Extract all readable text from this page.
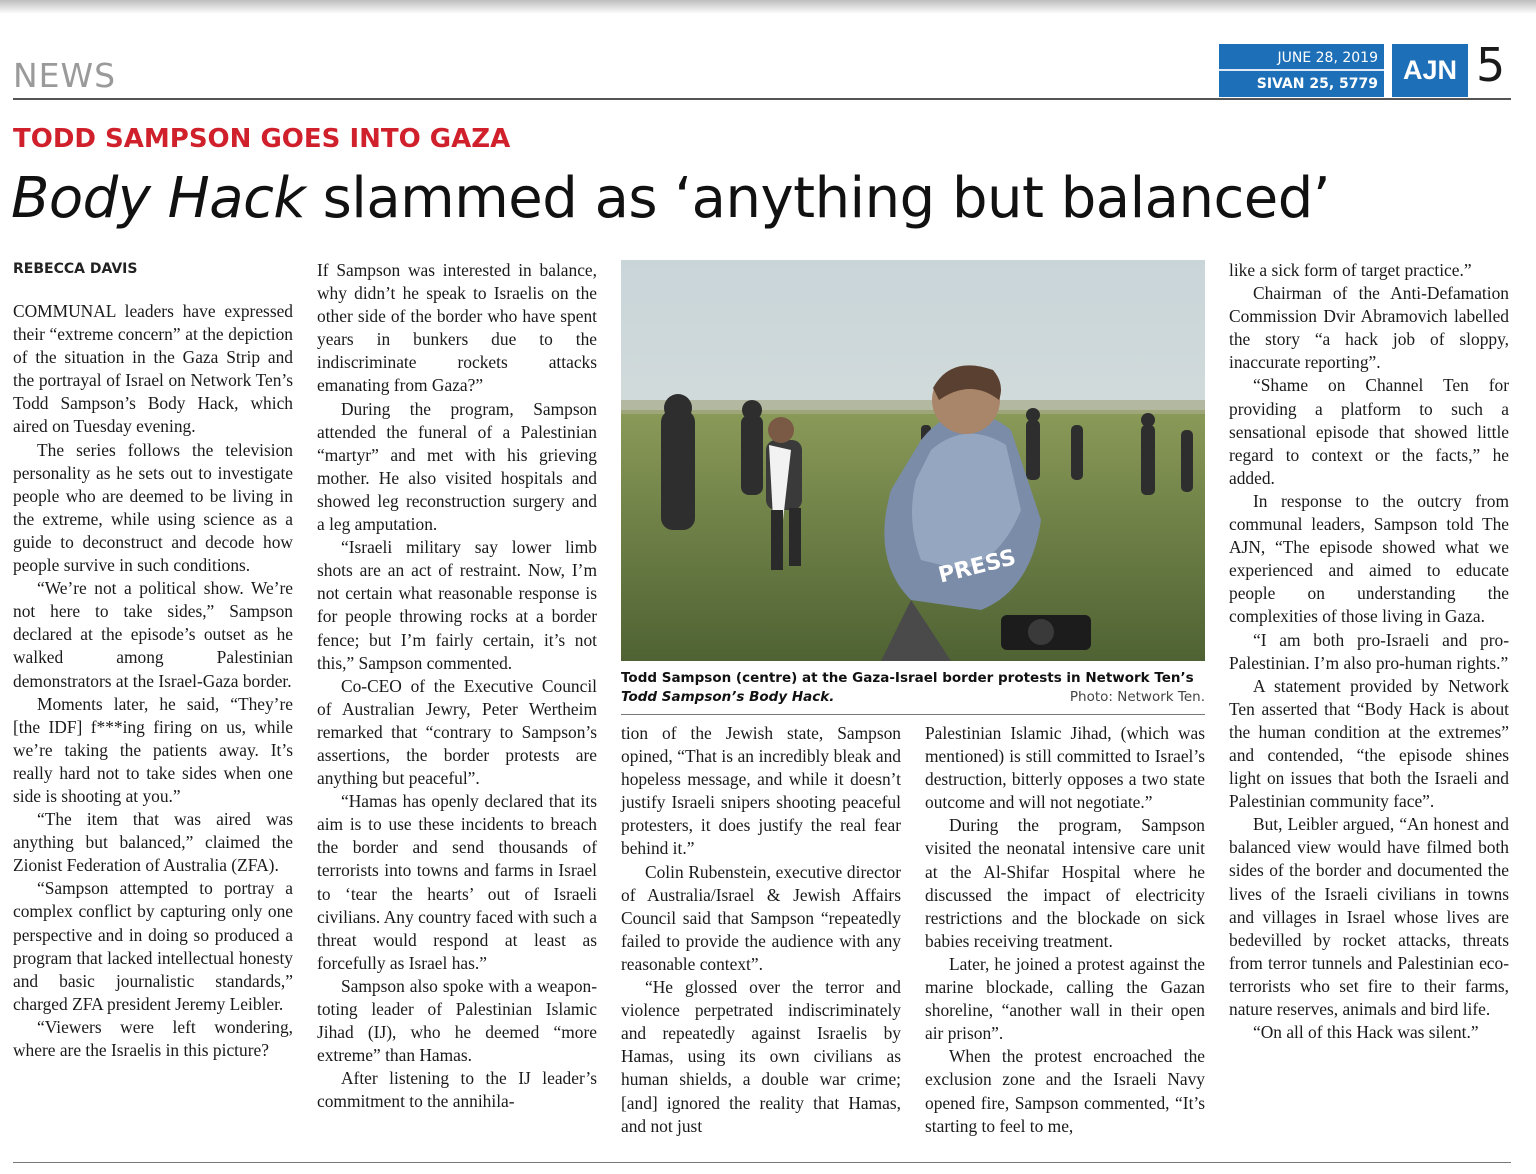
NEWS	JUNE 28, 2019
SIVAN 25, 5779 AJN 5
TODD SAMPSON GOES INTO GAZA
Body Hack slammed as ‘anything but balanced’
REBECCA DAVIS

COMMUNAL leaders have expressed their “extreme concern” at the depiction of the situation in the Gaza Strip and the portrayal of Israel on Network Ten’s Todd Sampson’s Body Hack, which aired on Tuesday evening.

The series follows the television personality as he sets out to investigate people who are deemed to be living in the extreme, while using science as a guide to deconstruct and decode how people survive in such conditions.

“We’re not a political show. We’re not here to take sides,” Sampson declared at the episode’s outset as he walked among Palestinian demonstrators at the Israel-Gaza border.

Moments later, he said, “They’re [the IDF] f***ing firing on us, while we’re taking the patients away. It’s really hard not to take sides when one side is shooting at you.”

“The item that was aired was anything but balanced,” claimed the Zionist Federation of Australia (ZFA).

“Sampson attempted to portray a complex conflict by capturing only one perspective and in doing so produced a program that lacked intellectual honesty and basic journalistic standards,” charged ZFA president Jeremy Leibler.

“Viewers were left wondering, where are the Israelis in this picture?

If Sampson was interested in balance, why didn’t he speak to Israelis on the other side of the border who have spent years in bunkers due to the indiscriminate rockets attacks emanating from Gaza?”

During the program, Sampson attended the funeral of a Palestinian “martyr” and met with his grieving mother. He also visited hospitals and showed leg reconstruction surgery and a leg amputation.

“Israeli military say lower limb shots are an act of restraint. Now, I’m not certain what reasonable response is for people throwing rocks at a border fence; but I’m fairly certain, it’s not this,” Sampson commented.

Co-CEO of the Executive Council of Australian Jewry, Peter Wertheim remarked that “contrary to Sampson’s assertions, the border protests are anything but peaceful”.

“Hamas has openly declared that its aim is to use these incidents to breach the border and send thousands of terrorists into towns and farms in Israel to ‘tear the hearts’ out of Israeli civilians. Any country faced with such a threat would respond at least as forcefully as Israel has.”

Sampson also spoke with a weapon-toting leader of Palestinian Islamic Jihad (IJ), who he deemed “more extreme” than Hamas.

After listening to the IJ leader’s commitment to the annihila-

PRESS
Todd Sampson (centre) at the Gaza-Israel border protests in Network Ten’s
Todd Sampson’s Body Hack.	Photo: Network Ten.

tion of the Jewish state, Sampson opined, “That is an incredibly bleak and hopeless message, and while it doesn’t justify Israeli snipers shooting peaceful protesters, it does justify the real fear behind it.”

Colin Rubenstein, executive director of Australia/Israel & Jewish Affairs Council said that Sampson “repeatedly failed to provide the audience with any reasonable context”.

“He glossed over the terror and violence perpetrated indiscriminately and repeatedly against Israelis by Hamas, using its own civilians as human shields, a double war crime; [and] ignored the reality that Hamas, and not just

Palestinian Islamic Jihad, (which was mentioned) is still committed to Israel’s destruction, bitterly opposes a two state outcome and will not negotiate.”

During the program, Sampson visited the neonatal intensive care unit at the Al-Shifar Hospital where he discussed the impact of electricity restrictions and the blockade on sick babies receiving treatment.

Later, he joined a protest against the marine blockade, calling the Gazan shoreline, “another wall in their open air prison”.

When the protest encroached the exclusion zone and the Israeli Navy opened fire, Sampson commented, “It’s starting to feel to me,

like a sick form of target practice.”

Chairman of the Anti-Defamation Commission Dvir Abramovich labelled the story “a hack job of sloppy, inaccurate reporting”.

“Shame on Channel Ten for providing a platform to such a sensational episode that showed little regard to context or the facts,” he added.

In response to the outcry from communal leaders, Sampson told The AJN, “The episode showed what we experienced and aimed to educate people on understanding the complexities of those living in Gaza.

“I am both pro-Israeli and pro-Palestinian. I’m also pro-human rights.”

A statement provided by Network Ten asserted that “Body Hack is about the human condition at the extremes” and contended, “the episode shines light on issues that both the Israeli and Palestinian community face”.

But, Leibler argued, “An honest and balanced view would have filmed both sides of the border and documented the lives of the Israeli civilians in towns and villages in Israel whose lives are bedevilled by rocket attacks, threats from terror tunnels and Palestinian eco-terrorists who set fire to their farms, nature reserves, animals and bird life.

“On all of this Hack was silent.”
